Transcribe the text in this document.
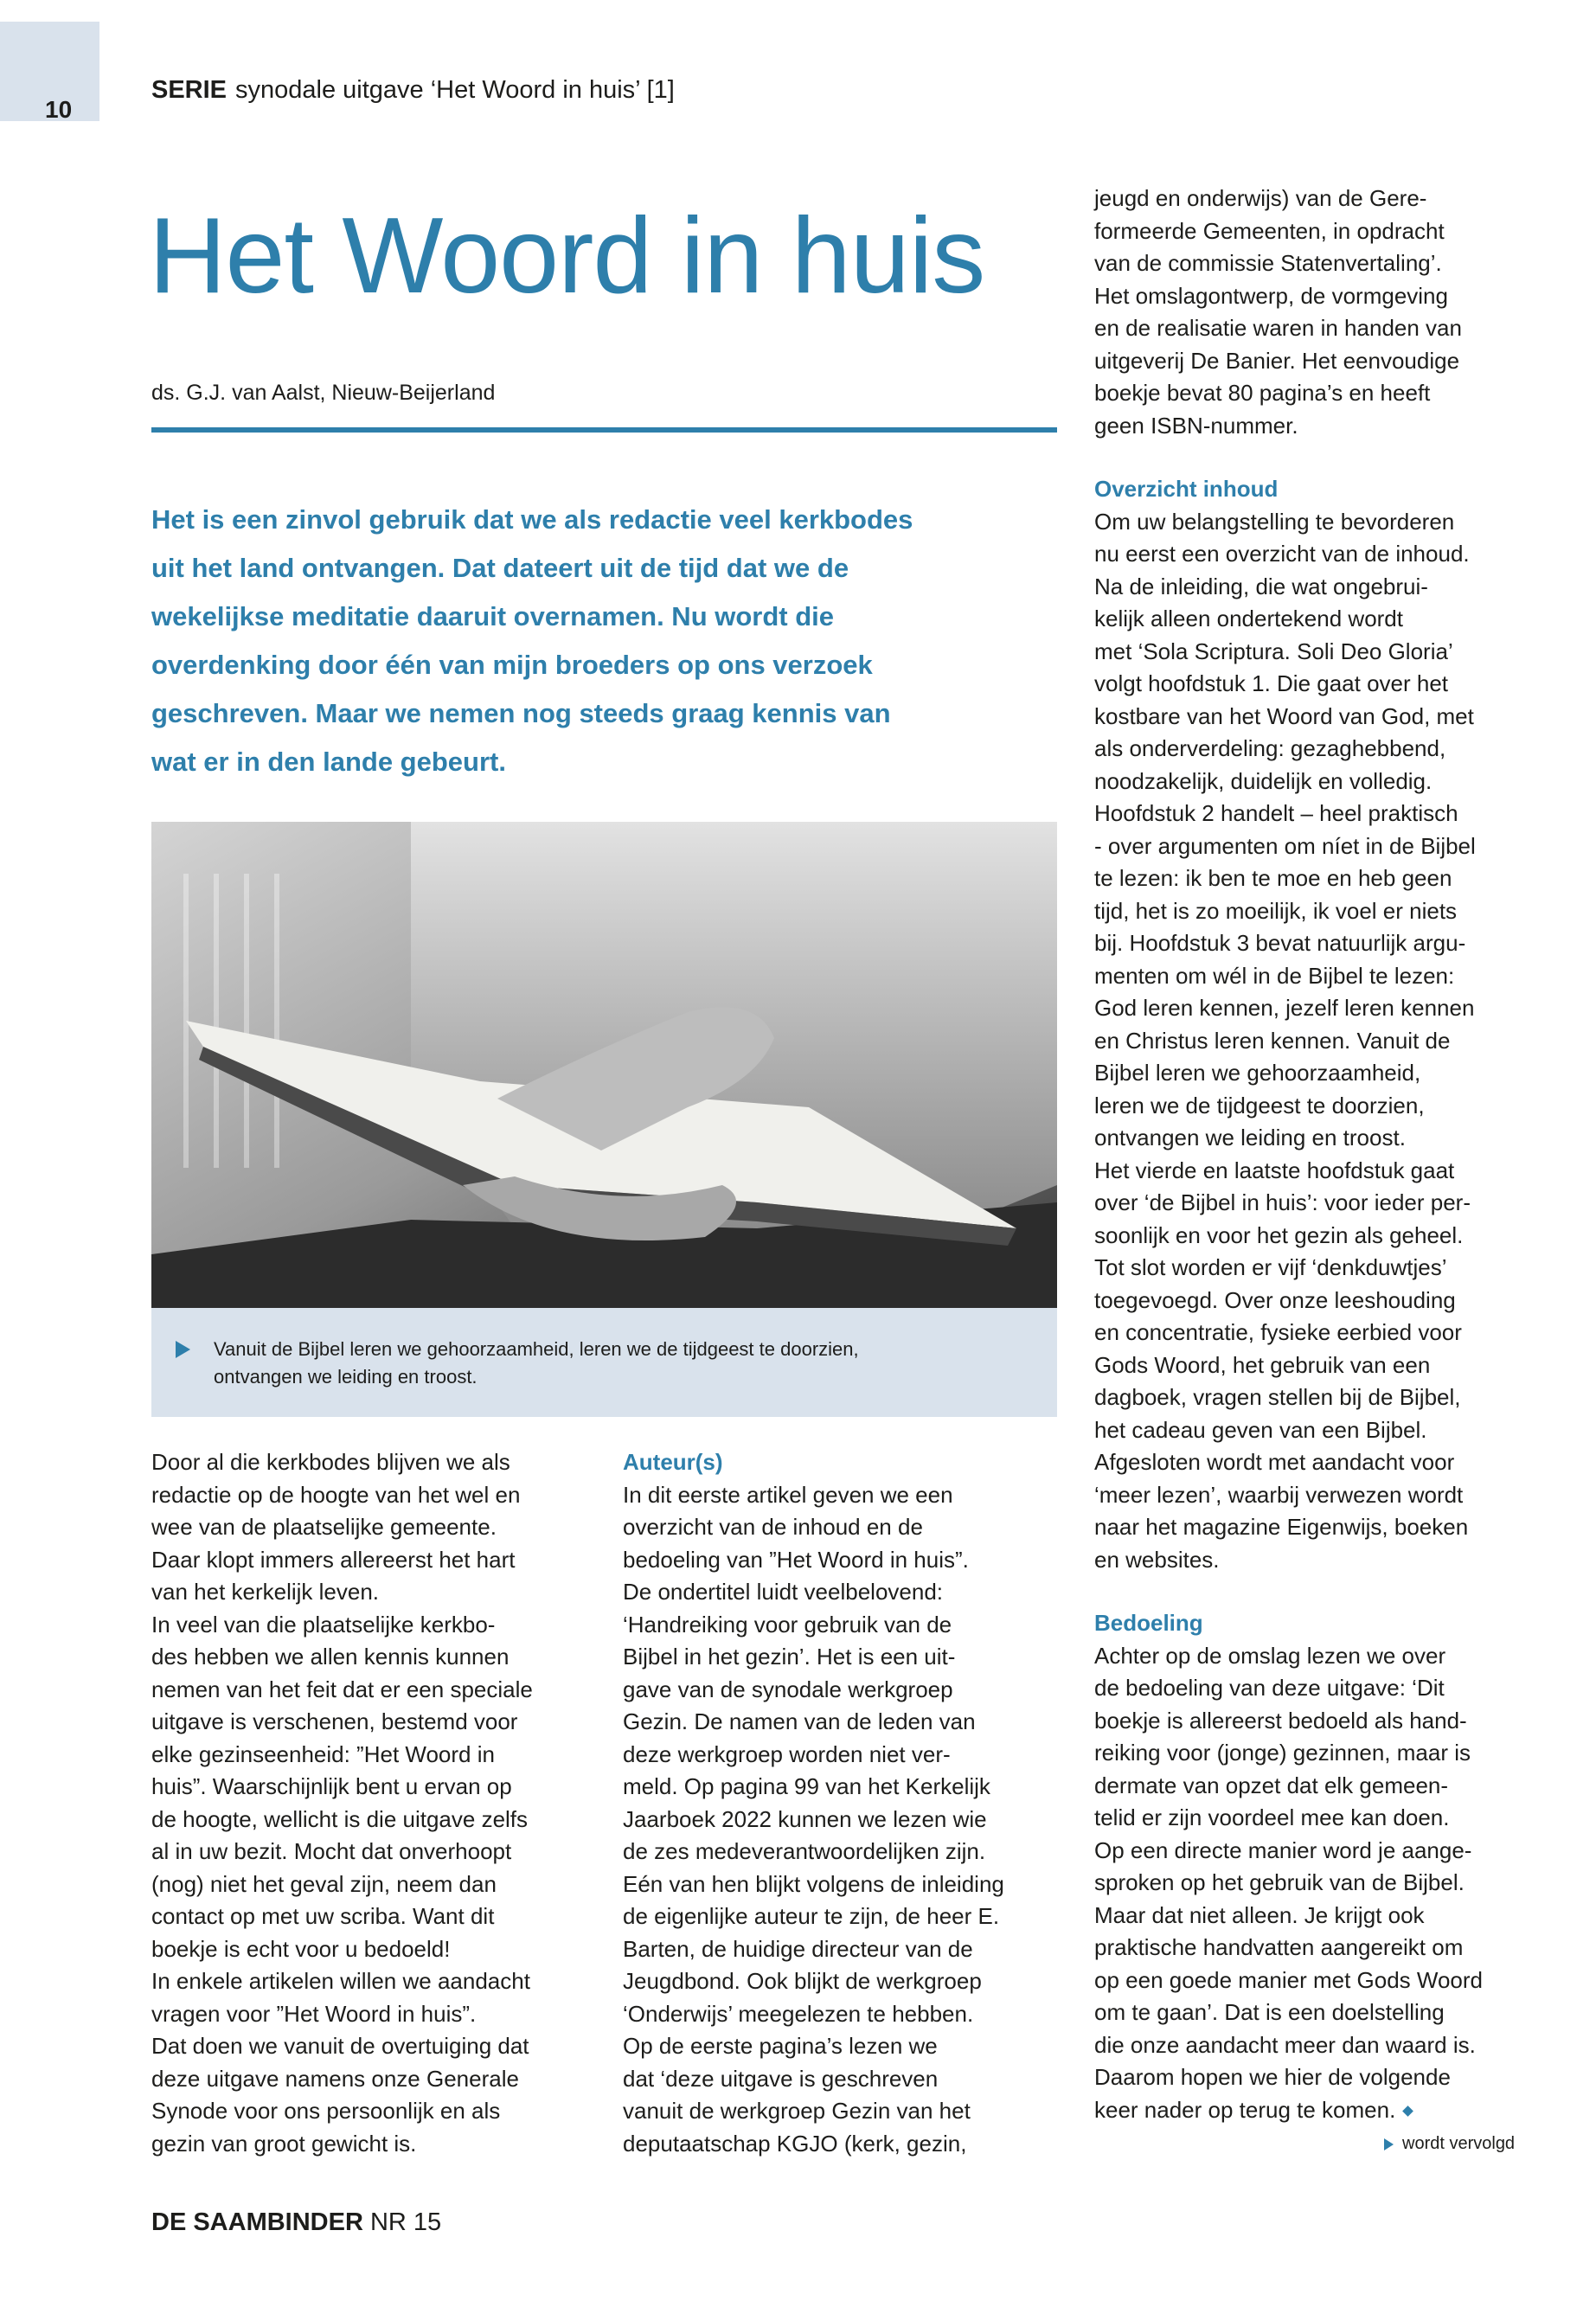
10
SERIE synodale uitgave ‘Het Woord in huis’ [1]
Het Woord in huis
ds. G.J. van Aalst, Nieuw-Beijerland
Het is een zinvol gebruik dat we als redactie veel kerkbodes
uit het land ontvangen. Dat dateert uit de tijd dat we de
wekelijkse meditatie daaruit overnamen. Nu wordt die
overdenking door één van mijn broeders op ons verzoek
geschreven. Maar we nemen nog steeds graag kennis van
wat er in den lande gebeurt.
Vanuit de Bijbel leren we gehoorzaamheid, leren we de tijdgeest te doorzien,
ontvangen we leiding en troost.
Door al die kerkbodes blijven we als
redactie op de hoogte van het wel en
wee van de plaatselijke gemeente.
Daar klopt immers allereerst het hart
van het kerkelijk leven.
In veel van die plaatselijke kerkbo-
des hebben we allen kennis kunnen
nemen van het feit dat er een speciale
uitgave is verschenen, bestemd voor
elke gezinseenheid: ”Het Woord in
huis”. Waarschijnlijk bent u ervan op
de hoogte, wellicht is die uitgave zelfs
al in uw bezit. Mocht dat onverhoopt
(nog) niet het geval zijn, neem dan
contact op met uw scriba. Want dit
boekje is echt voor u bedoeld!
In enkele artikelen willen we aandacht
vragen voor ”Het Woord in huis”.
Dat doen we vanuit de overtuiging dat
deze uitgave namens onze Generale
Synode voor ons persoonlijk en als
gezin van groot gewicht is.
Auteur(s)
In dit eerste artikel geven we een
overzicht van de inhoud en de
bedoeling van ”Het Woord in huis”.
De ondertitel luidt veelbelovend:
‘Handreiking voor gebruik van de
Bijbel in het gezin’. Het is een uit-
gave van de synodale werkgroep
Gezin. De namen van de leden van
deze werkgroep worden niet ver-
meld. Op pagina 99 van het Kerkelijk
Jaarboek 2022 kunnen we lezen wie
de zes medeverantwoordelijken zijn.
Eén van hen blijkt volgens de inleiding
de eigenlijke auteur te zijn, de heer E.
Barten, de huidige directeur van de
Jeugdbond. Ook blijkt de werkgroep
‘Onderwijs’ meegelezen te hebben.
Op de eerste pagina’s lezen we
dat ‘deze uitgave is geschreven
vanuit de werkgroep Gezin van het
deputaatschap KGJO (kerk, gezin,
jeugd en onderwijs) van de Gere-
formeerde Gemeenten, in opdracht
van de commissie Statenvertaling’.
Het omslagontwerp, de vormgeving
en de realisatie waren in handen van
uitgeverij De Banier. Het eenvoudige
boekje bevat 80 pagina’s en heeft
geen ISBN-nummer.
Overzicht inhoud
Om uw belangstelling te bevorderen
nu eerst een overzicht van de inhoud.
Na de inleiding, die wat ongebrui-
kelijk alleen ondertekend wordt
met ‘Sola Scriptura. Soli Deo Gloria’
volgt hoofdstuk 1. Die gaat over het
kostbare van het Woord van God, met
als onderverdeling: gezaghebbend,
noodzakelijk, duidelijk en volledig.
Hoofdstuk 2 handelt – heel praktisch
- over argumenten om níet in de Bijbel
te lezen: ik ben te moe en heb geen
tijd, het is zo moeilijk, ik voel er niets
bij. Hoofdstuk 3 bevat natuurlijk argu-
menten om wél in de Bijbel te lezen:
God leren kennen, jezelf leren kennen
en Christus leren kennen. Vanuit de
Bijbel leren we gehoorzaamheid,
leren we de tijdgeest te doorzien,
ontvangen we leiding en troost.
Het vierde en laatste hoofdstuk gaat
over ‘de Bijbel in huis’: voor ieder per-
soonlijk en voor het gezin als geheel.
Tot slot worden er vijf ‘denkduwtjes’
toegevoegd. Over onze leeshouding
en concentratie, fysieke eerbied voor
Gods Woord, het gebruik van een
dagboek, vragen stellen bij de Bijbel,
het cadeau geven van een Bijbel.
Afgesloten wordt met aandacht voor
‘meer lezen’, waarbij verwezen wordt
naar het magazine Eigenwijs, boeken
en websites.
Bedoeling
Achter op de omslag lezen we over
de bedoeling van deze uitgave: ‘Dit
boekje is allereerst bedoeld als hand-
reiking voor (jonge) gezinnen, maar is
dermate van opzet dat elk gemeen-
telid er zijn voordeel mee kan doen.
Op een directe manier word je aange-
sproken op het gebruik van de Bijbel.
Maar dat niet alleen. Je krijgt ook
praktische handvatten aangereikt om
op een goede manier met Gods Woord
om te gaan’. Dat is een doelstelling
die onze aandacht meer dan waard is.
Daarom hopen we hier de volgende
keer nader op terug te komen.
wordt vervolgd
DE SAAMBINDER NR 15
